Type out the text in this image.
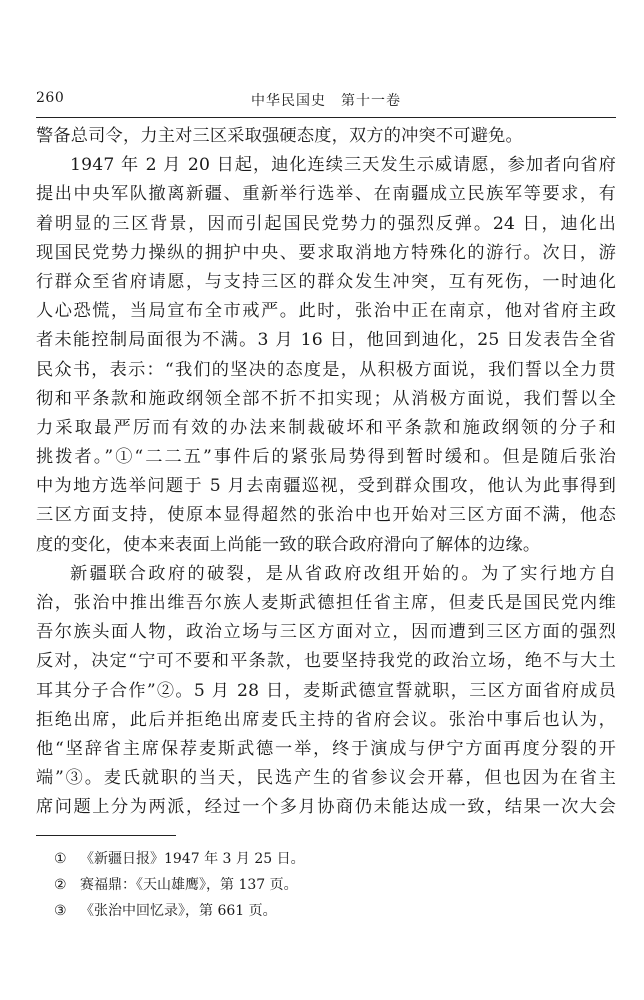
260	中华民国史　第十一卷
警备总司令，力主对三区采取强硬态度，双方的冲突不可避免。
1947 年 2 月 20 日起，迪化连续三天发生示威请愿，参加者向省府
提出中央军队撤离新疆、重新举行选举、在南疆成立民族军等要求，有
着明显的三区背景，因而引起国民党势力的强烈反弹。24 日，迪化出
现国民党势力操纵的拥护中央、要求取消地方特殊化的游行。次日，游
行群众至省府请愿，与支持三区的群众发生冲突，互有死伤，一时迪化
人心恐慌，当局宣布全市戒严。此时，张治中正在南京，他对省府主政
者未能控制局面很为不满。3 月 16 日，他回到迪化，25 日发表告全省
民众书，表示：“我们的坚决的态度是，从积极方面说，我们誓以全力贯
彻和平条款和施政纲领全部不折不扣实现；从消极方面说，我们誓以全
力采取最严厉而有效的办法来制裁破坏和平条款和施政纲领的分子和
挑拨者。”①“二二五”事件后的紧张局势得到暂时缓和。但是随后张治
中为地方选举问题于 5 月去南疆巡视，受到群众围攻，他认为此事得到
三区方面支持，使原本显得超然的张治中也开始对三区方面不满，他态
度的变化，使本来表面上尚能一致的联合政府滑向了解体的边缘。
新疆联合政府的破裂，是从省政府改组开始的。为了实行地方自
治，张治中推出维吾尔族人麦斯武德担任省主席，但麦氏是国民党内维
吾尔族头面人物，政治立场与三区方面对立，因而遭到三区方面的强烈
反对，决定“宁可不要和平条款，也要坚持我党的政治立场，绝不与大土
耳其分子合作”②。5 月 28 日，麦斯武德宣誓就职，三区方面省府成员
拒绝出席，此后并拒绝出席麦氏主持的省府会议。张治中事后也认为，
他“坚辞省主席保荐麦斯武德一举，终于演成与伊宁方面再度分裂的开
端”③。麦氏就职的当天，民选产生的省参议会开幕，但也因为在省主
席问题上分为两派，经过一个多月协商仍未能达成一致，结果一次大会
① 《新疆日报》1947 年 3 月 25 日。
② 赛福鼎：《天山雄鹰》，第 137 页。
③ 《张治中回忆录》，第 661 页。
